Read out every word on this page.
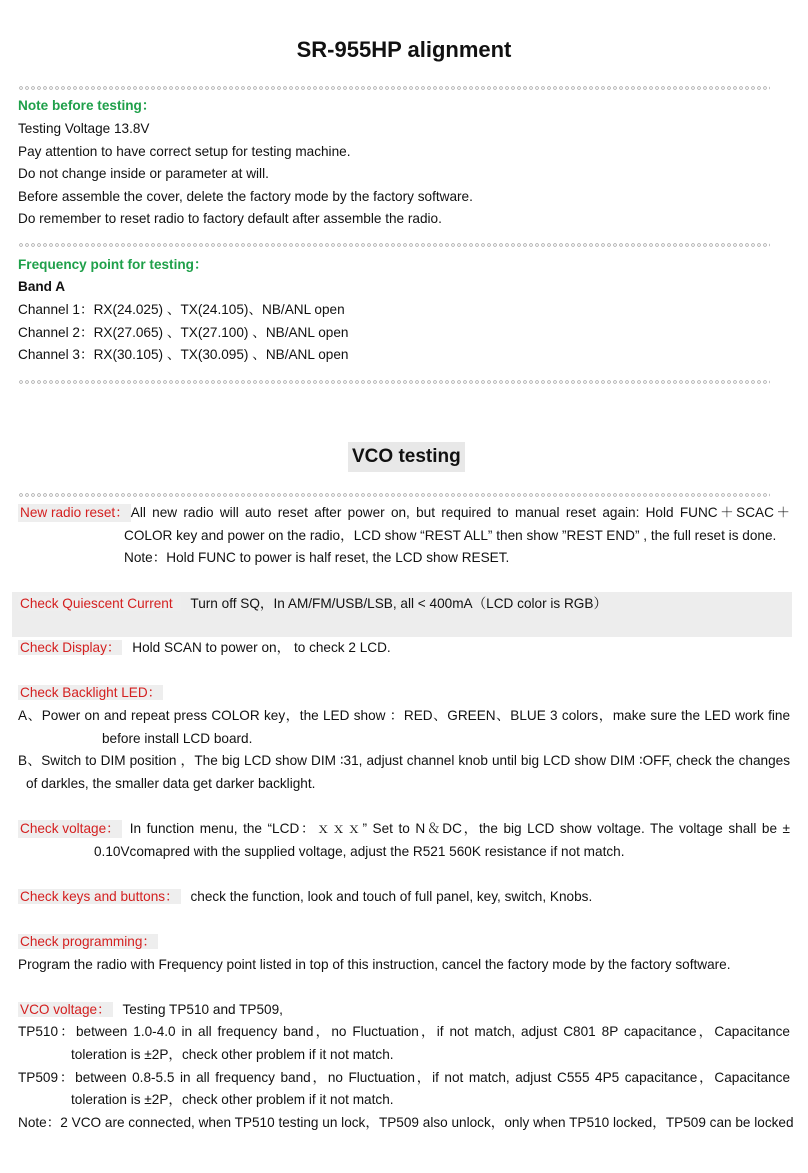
SR-955HP alignment
Note before testing：
Testing Voltage 13.8V
Pay attention to have correct setup for testing machine.
Do not change inside or parameter at will.
Before assemble the cover, delete the factory mode by the factory software.
Do remember to reset radio to factory default after assemble the radio.
Frequency point for testing：
Band A
Channel 1：RX(24.025) 、TX(24.105)、NB/ANL open
Channel 2：RX(27.065) 、TX(27.100) 、NB/ANL open
Channel 3：RX(30.105) 、TX(30.095) 、NB/ANL open
VCO testing
New radio reset： All new radio will auto reset after power on, but required to manual reset again: Hold FUNC＋SCAC＋
COLOR key and power on the radio，LCD show “REST ALL” then show ”REST END” , the full reset is done.
Note：Hold FUNC to power is half reset, the LCD show RESET.
Check Quiescent Current Turn off SQ，In AM/FM/USB/LSB, all < 400mA（LCD color is RGB）
Check Display： Hold SCAN to power on， to check 2 LCD.
Check Backlight LED：
A、Power on and repeat press COLOR key，the LED show ：RED、GREEN、BLUE 3 colors，make sure the LED work fine
before install LCD board.
B、Switch to DIM position ，The big LCD show DIM ∶31, adjust channel knob until big LCD show DIM ∶OFF, check the changes
of darkles, the smaller data get darker backlight.
Check voltage： In function menu, the “LCD：ｘｘｘ” Set to N＆DC，the big LCD show voltage. The voltage shall be ±
0.10Vcomapred with the supplied voltage, adjust the R521 560K resistance if not match.
Check keys and buttons： check the function, look and touch of full panel, key, switch, Knobs.
Check programming：
Program the radio with Frequency point listed in top of this instruction, cancel the factory mode by the factory software.
VCO voltage： Testing TP510 and TP509,
TP510：between 1.0-4.0 in all frequency band，no Fluctuation，if not match, adjust C801 8P capacitance，Capacitance
toleration is ±2P，check other problem if it not match.
TP509：between 0.8-5.5 in all frequency band，no Fluctuation，if not match, adjust C555 4P5 capacitance，Capacitance
toleration is ±2P，check other problem if it not match.
Note：2 VCO are connected, when TP510 testing un lock，TP509 also unlock，only when TP510 locked，TP509 can be locked
